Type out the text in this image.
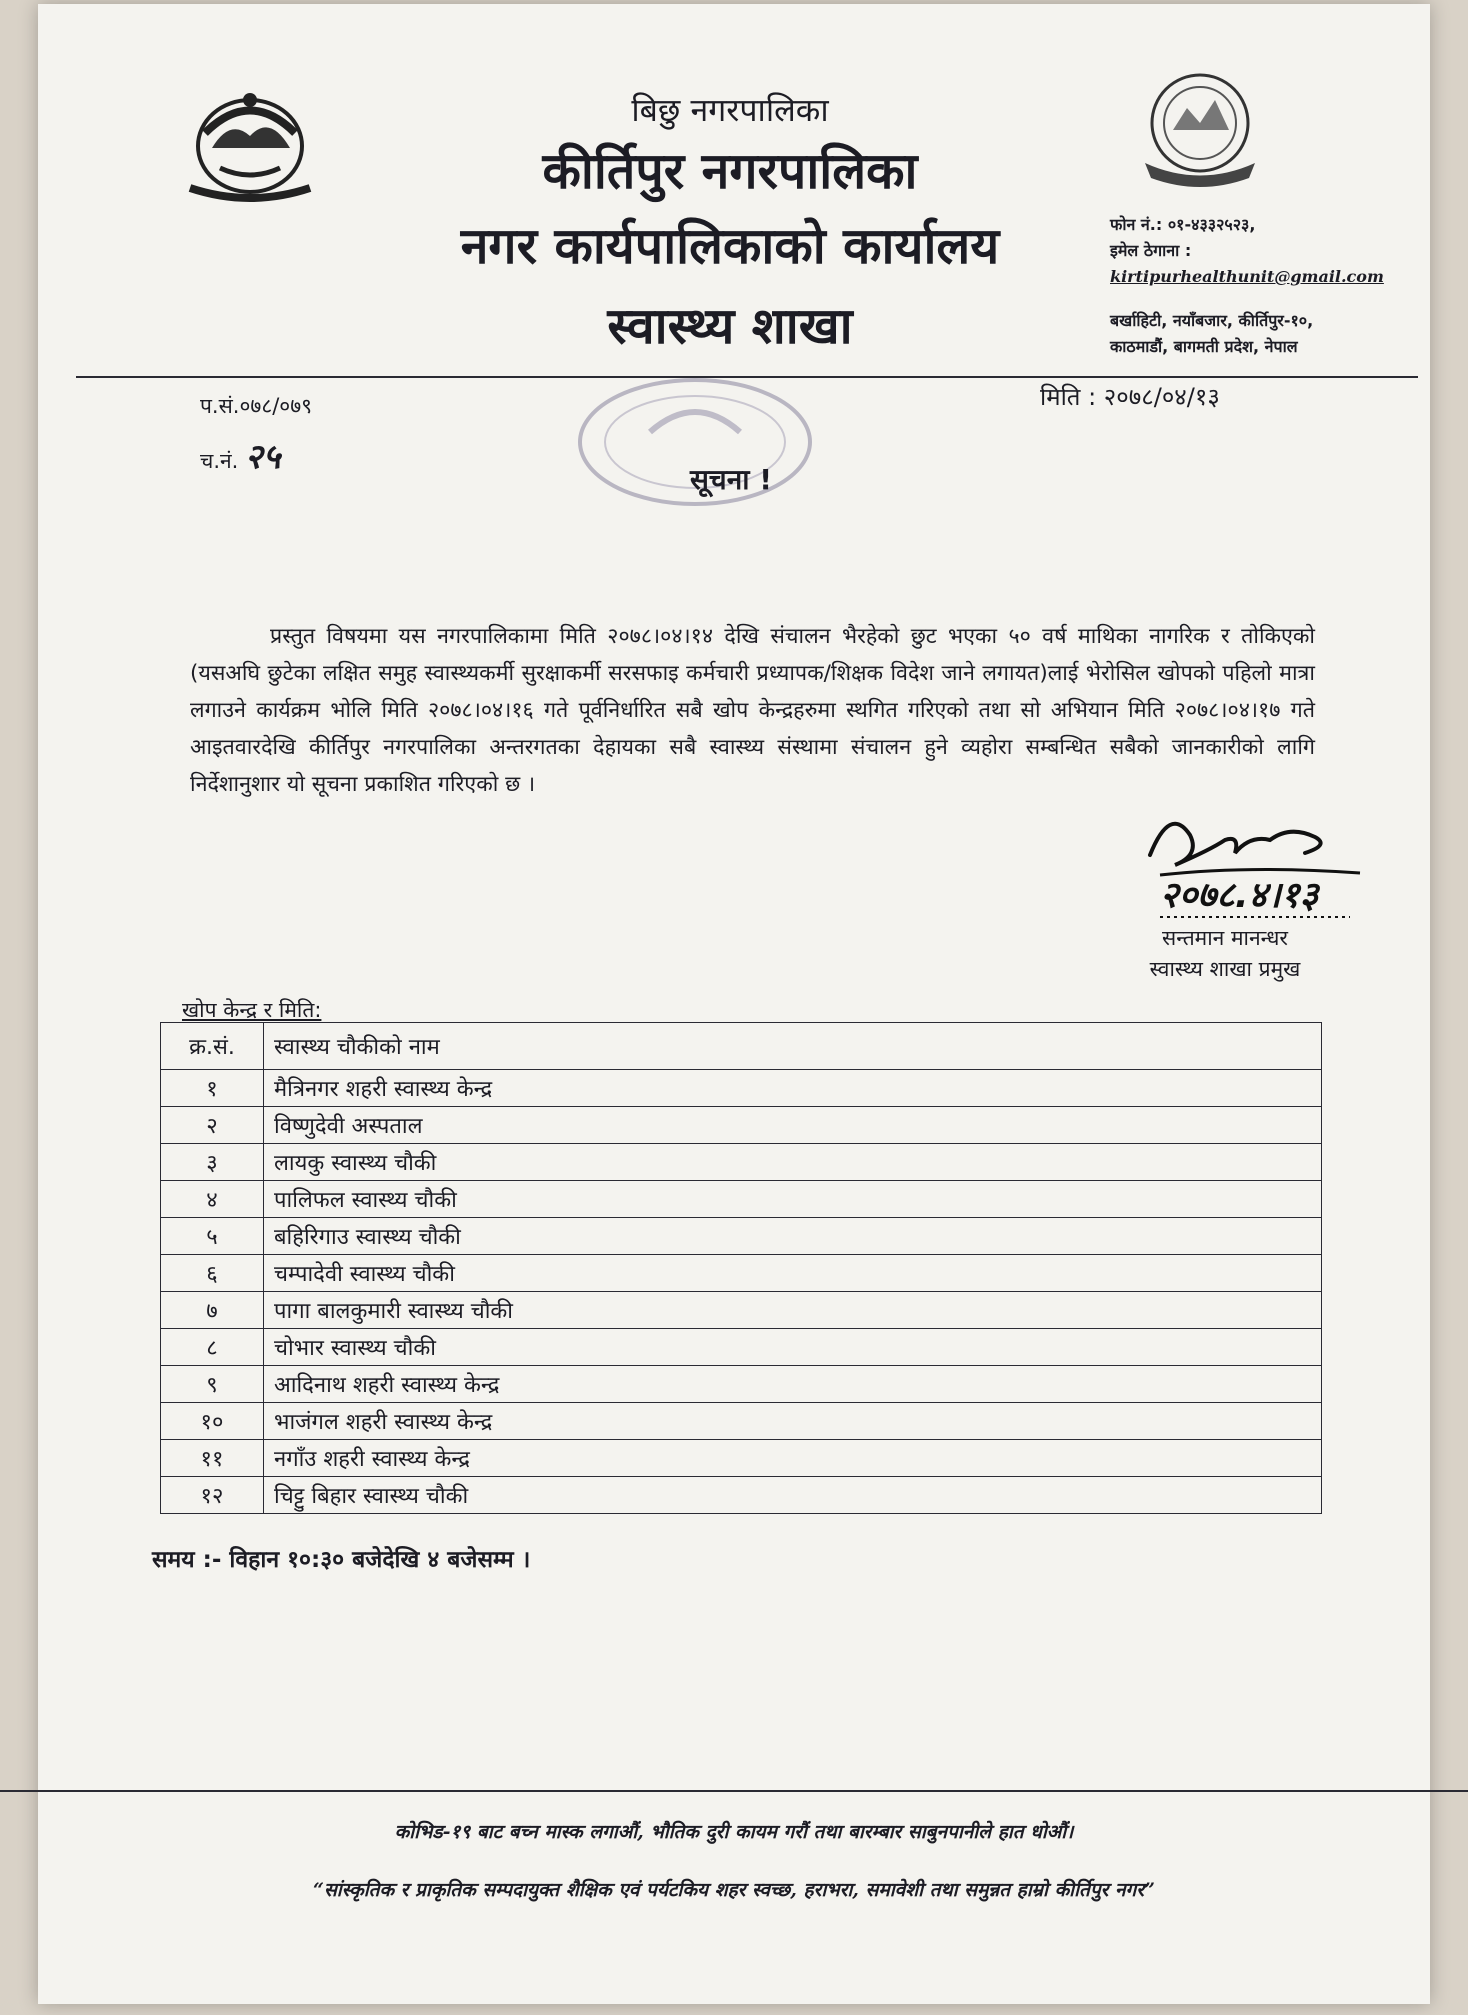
बिछु नगरपालिका
कीर्तिपुर नगरपालिका
नगर कार्यपालिकाको कार्यालय
स्वास्थ्य शाखा
फोन नं.: ०१-४३३२५२३,
इमेल ठेगाना :
kirtipurhealthunit@gmail.com
बर्खाहिटी, नयाँबजार, कीर्तिपुर-१०,
काठमाडौं, बागमती प्रदेश, नेपाल
प.सं.०७८/०७९
च.नं. २५
मिति : २०७८/०४/१३
सूचना !
प्रस्तुत विषयमा यस नगरपालिकामा मिति २०७८।०४।१४ देखि संचालन भैरहेको छुट भएका ५० वर्ष माथिका नागरिक र तोकिएको (यसअघि छुटेका लक्षित समुह स्वास्थ्यकर्मी सुरक्षाकर्मी सरसफाइ कर्मचारी प्रध्यापक/शिक्षक विदेश जाने लगायत)लाई भेरोसिल खोपको पहिलो मात्रा लगाउने कार्यक्रम भोलि मिति २०७८।०४।१६ गते पूर्वनिर्धारित सबै खोप केन्द्रहरुमा स्थगित गरिएको तथा सो अभियान मिति २०७८।०४।१७ गते आइतवारदेखि कीर्तिपुर नगरपालिका अन्तरगतका देहायका सबै स्वास्थ्य संस्थामा संचालन हुने व्यहोरा सम्बन्धित सबैको जानकारीको लागि निर्देशानुशार यो सूचना प्रकाशित गरिएको छ ।
२०७८.४।१३
सन्तमान मानन्धर
स्वास्थ्य शाखा प्रमुख
खोप केन्द्र र मिति:
क्र.सं.	स्वास्थ्य चौकीको नाम
१	मैत्रिनगर शहरी स्वास्थ्य केन्द्र
२	विष्णुदेवी अस्पताल
३	लायकु स्वास्थ्य चौकी
४	पालिफल स्वास्थ्य चौकी
५	बहिरिगाउ स्वास्थ्य चौकी
६	चम्पादेवी स्वास्थ्य चौकी
७	पागा बालकुमारी स्वास्थ्य चौकी
८	चोभार स्वास्थ्य चौकी
९	आदिनाथ शहरी स्वास्थ्य केन्द्र
१०	भाजंगल शहरी स्वास्थ्य केन्द्र
११	नगाँउ शहरी स्वास्थ्य केन्द्र
१२	चिट्टु बिहार स्वास्थ्य चौकी
समय :- विहान १०:३० बजेदेखि ४ बजेसम्म ।
कोभिड-१९ बाट बच्न मास्क लगाऔं, भौतिक दुरी कायम गरौं तथा बारम्बार साबुनपानीले हात धोऔं।
“सांस्कृतिक र प्राकृतिक सम्पदायुक्त शैक्षिक एवं पर्यटकिय शहर स्वच्छ, हराभरा, समावेशी तथा समुन्नत हाम्रो कीर्तिपुर नगर”
